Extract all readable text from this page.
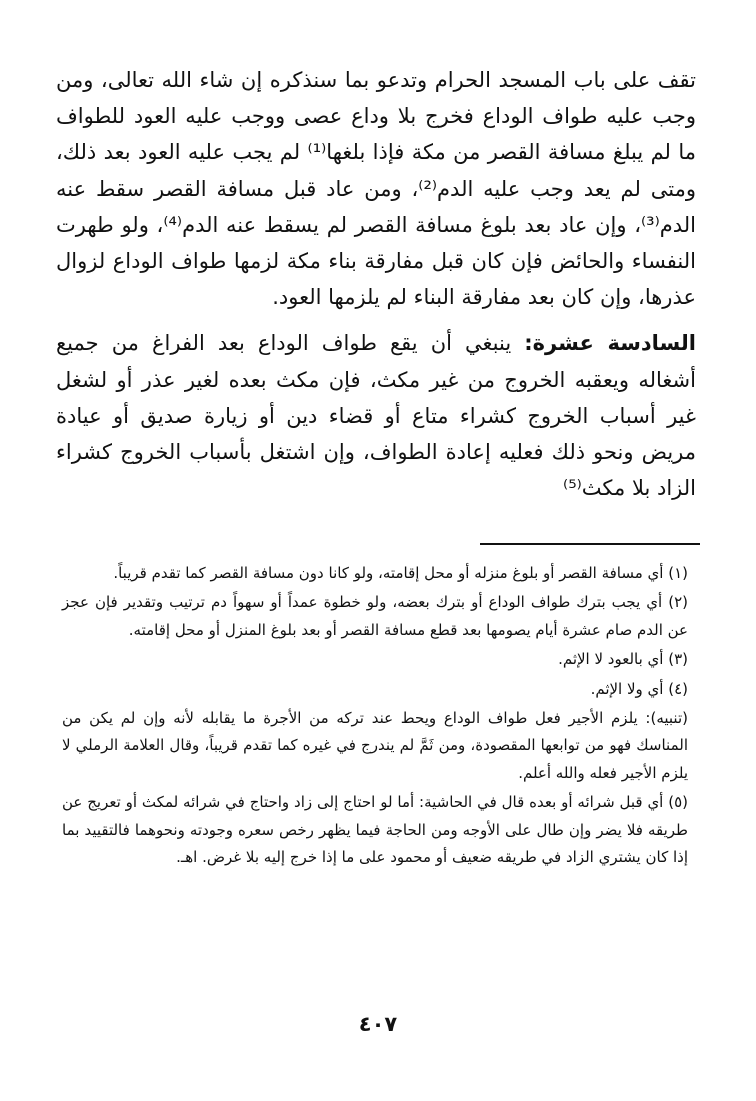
تقف على باب المسجد الحرام وتدعو بما سنذكره إن شاء الله تعالى، ومن وجب عليه طواف الوداع فخرج بلا وداع عصى ووجب عليه العود للطواف ما لم يبلغ مسافة القصر من مكة فإذا بلغها⁽¹⁾ لم يجب عليه العود بعد ذلك، ومتى لم يعد وجب عليه الدم⁽²⁾، ومن عاد قبل مسافة القصر سقط عنه الدم⁽³⁾، وإن عاد بعد بلوغ مسافة القصر لم يسقط عنه الدم⁽⁴⁾، ولو طهرت النفساء والحائض فإن كان قبل مفارقة بناء مكة لزمها طواف الوداع لزوال عذرها، وإن كان بعد مفارقة البناء لم يلزمها العود.

السادسة عشرة: ينبغي أن يقع طواف الوداع بعد الفراغ من جميع أشغاله ويعقبه الخروج من غير مكث، فإن مكث بعده لغير عذر أو لشغل غير أسباب الخروج كشراء متاع أو قضاء دين أو زيارة صديق أو عيادة مريض ونحو ذلك فعليه إعادة الطواف، وإن اشتغل بأسباب الخروج كشراء الزاد بلا مكث⁽⁵⁾

(١) أي مسافة القصر أو بلوغ منزله أو محل إقامته، ولو كانا دون مسافة القصر كما تقدم قريباً.

(٢) أي يجب بترك طواف الوداع أو بترك بعضه، ولو خطوة عمداً أو سهواً دم ترتيب وتقدير فإن عجز عن الدم صام عشرة أيام يصومها بعد قطع مسافة القصر أو بعد بلوغ المنزل أو محل إقامته.

(٣) أي بالعود لا الإثم.

(٤) أي ولا الإثم.

(تنبيه): يلزم الأجير فعل طواف الوداع ويحط عند تركه من الأجرة ما يقابله لأنه وإن لم يكن من المناسك فهو من توابعها المقصودة، ومن ثَمَّ لم يندرج في غيره كما تقدم قريباً، وقال العلامة الرملي لا يلزم الأجير فعله والله أعلم.

(٥) أي قبل شرائه أو بعده قال في الحاشية: أما لو احتاج إلى زاد واحتاج في شرائه لمكث أو تعريج عن طريقه فلا يضر وإن طال على الأوجه ومن الحاجة فيما يظهر رخص سعره وجودته ونحوهما فالتقييد بما إذا كان يشتري الزاد في طريقه ضعيف أو محمود على ما إذا خرج إليه بلا غرض. اهـ.

٤٠٧
